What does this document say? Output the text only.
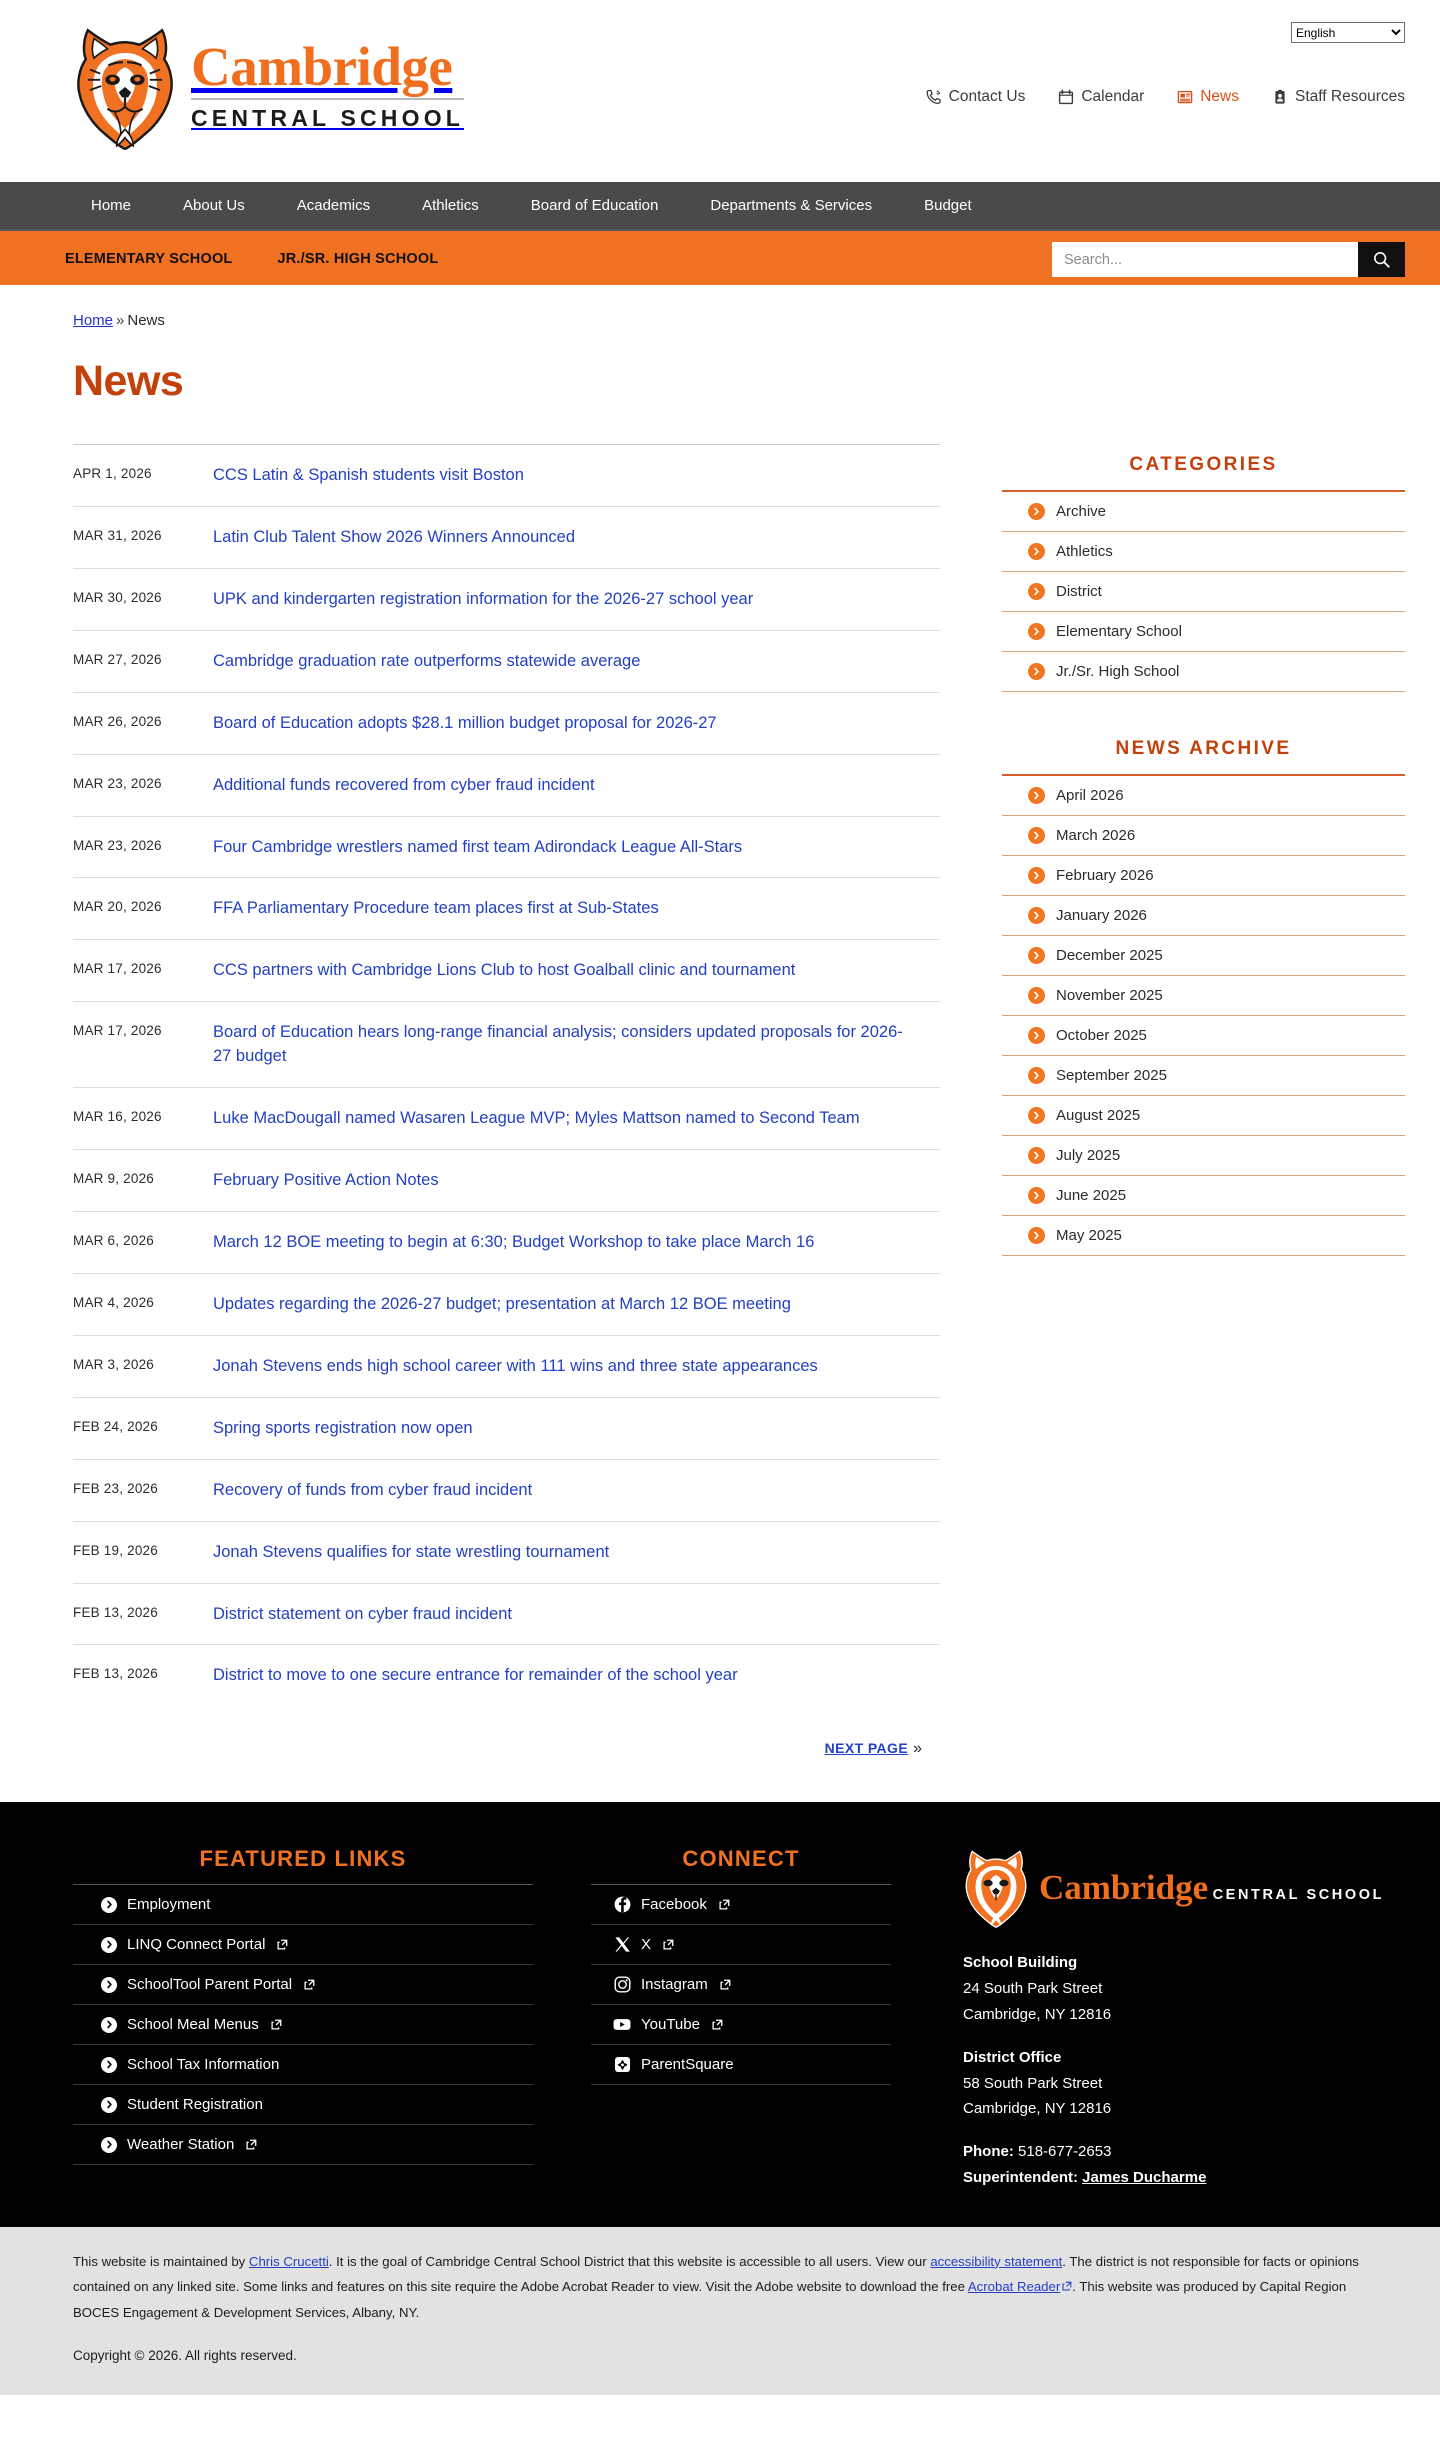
Cambridge
CENTRAL SCHOOL
English
Contact Us	Calendar	News	Staff Resources
Home	About Us	Academics	Athletics	Board of Education	Departments & Services	Budget
ELEMENTARY SCHOOL	JR./SR. HIGH SCHOOL
Search...
Home » News
News
APR 1, 2026	CCS Latin & Spanish students visit Boston
MAR 31, 2026	Latin Club Talent Show 2026 Winners Announced
MAR 30, 2026	UPK and kindergarten registration information for the 2026-27 school year
MAR 27, 2026	Cambridge graduation rate outperforms statewide average
MAR 26, 2026	Board of Education adopts $28.1 million budget proposal for 2026-27
MAR 23, 2026	Additional funds recovered from cyber fraud incident
MAR 23, 2026	Four Cambridge wrestlers named first team Adirondack League All-Stars
MAR 20, 2026	FFA Parliamentary Procedure team places first at Sub-States
MAR 17, 2026	CCS partners with Cambridge Lions Club to host Goalball clinic and tournament
MAR 17, 2026	Board of Education hears long-range financial analysis; considers updated proposals for 2026-27 budget
MAR 16, 2026	Luke MacDougall named Wasaren League MVP; Myles Mattson named to Second Team
MAR 9, 2026	February Positive Action Notes
MAR 6, 2026	March 12 BOE meeting to begin at 6:30; Budget Workshop to take place March 16
MAR 4, 2026	Updates regarding the 2026-27 budget; presentation at March 12 BOE meeting
MAR 3, 2026	Jonah Stevens ends high school career with 111 wins and three state appearances
FEB 24, 2026	Spring sports registration now open
FEB 23, 2026	Recovery of funds from cyber fraud incident
FEB 19, 2026	Jonah Stevens qualifies for state wrestling tournament
FEB 13, 2026	District statement on cyber fraud incident
FEB 13, 2026	District to move to one secure entrance for remainder of the school year
NEXT PAGE »
CATEGORIES
Archive
Athletics
District
Elementary School
Jr./Sr. High School
NEWS ARCHIVE
April 2026
March 2026
February 2026
January 2026
December 2025
November 2025
October 2025
September 2025
August 2025
July 2025
June 2025
May 2025
FEATURED LINKS
Employment
LINQ Connect Portal
SchoolTool Parent Portal
School Meal Menus
School Tax Information
Student Registration
Weather Station
CONNECT
Facebook
X
Instagram
YouTube
ParentSquare
Cambridge CENTRAL SCHOOL
School Building
24 South Park Street
Cambridge, NY 12816
District Office
58 South Park Street
Cambridge, NY 12816
Phone: 518-677-2653
Superintendent: James Ducharme

This website is maintained by Chris Crucetti. It is the goal of Cambridge Central School District that this website is accessible to all users. View our accessibility statement. The district is not responsible for facts or opinions contained on any linked site. Some links and features on this site require the Adobe Acrobat Reader to view. Visit the Adobe website to download the free Acrobat Reader . This website was produced by Capital Region BOCES Engagement & Development Services, Albany, NY.

Copyright © 2026. All rights reserved.
